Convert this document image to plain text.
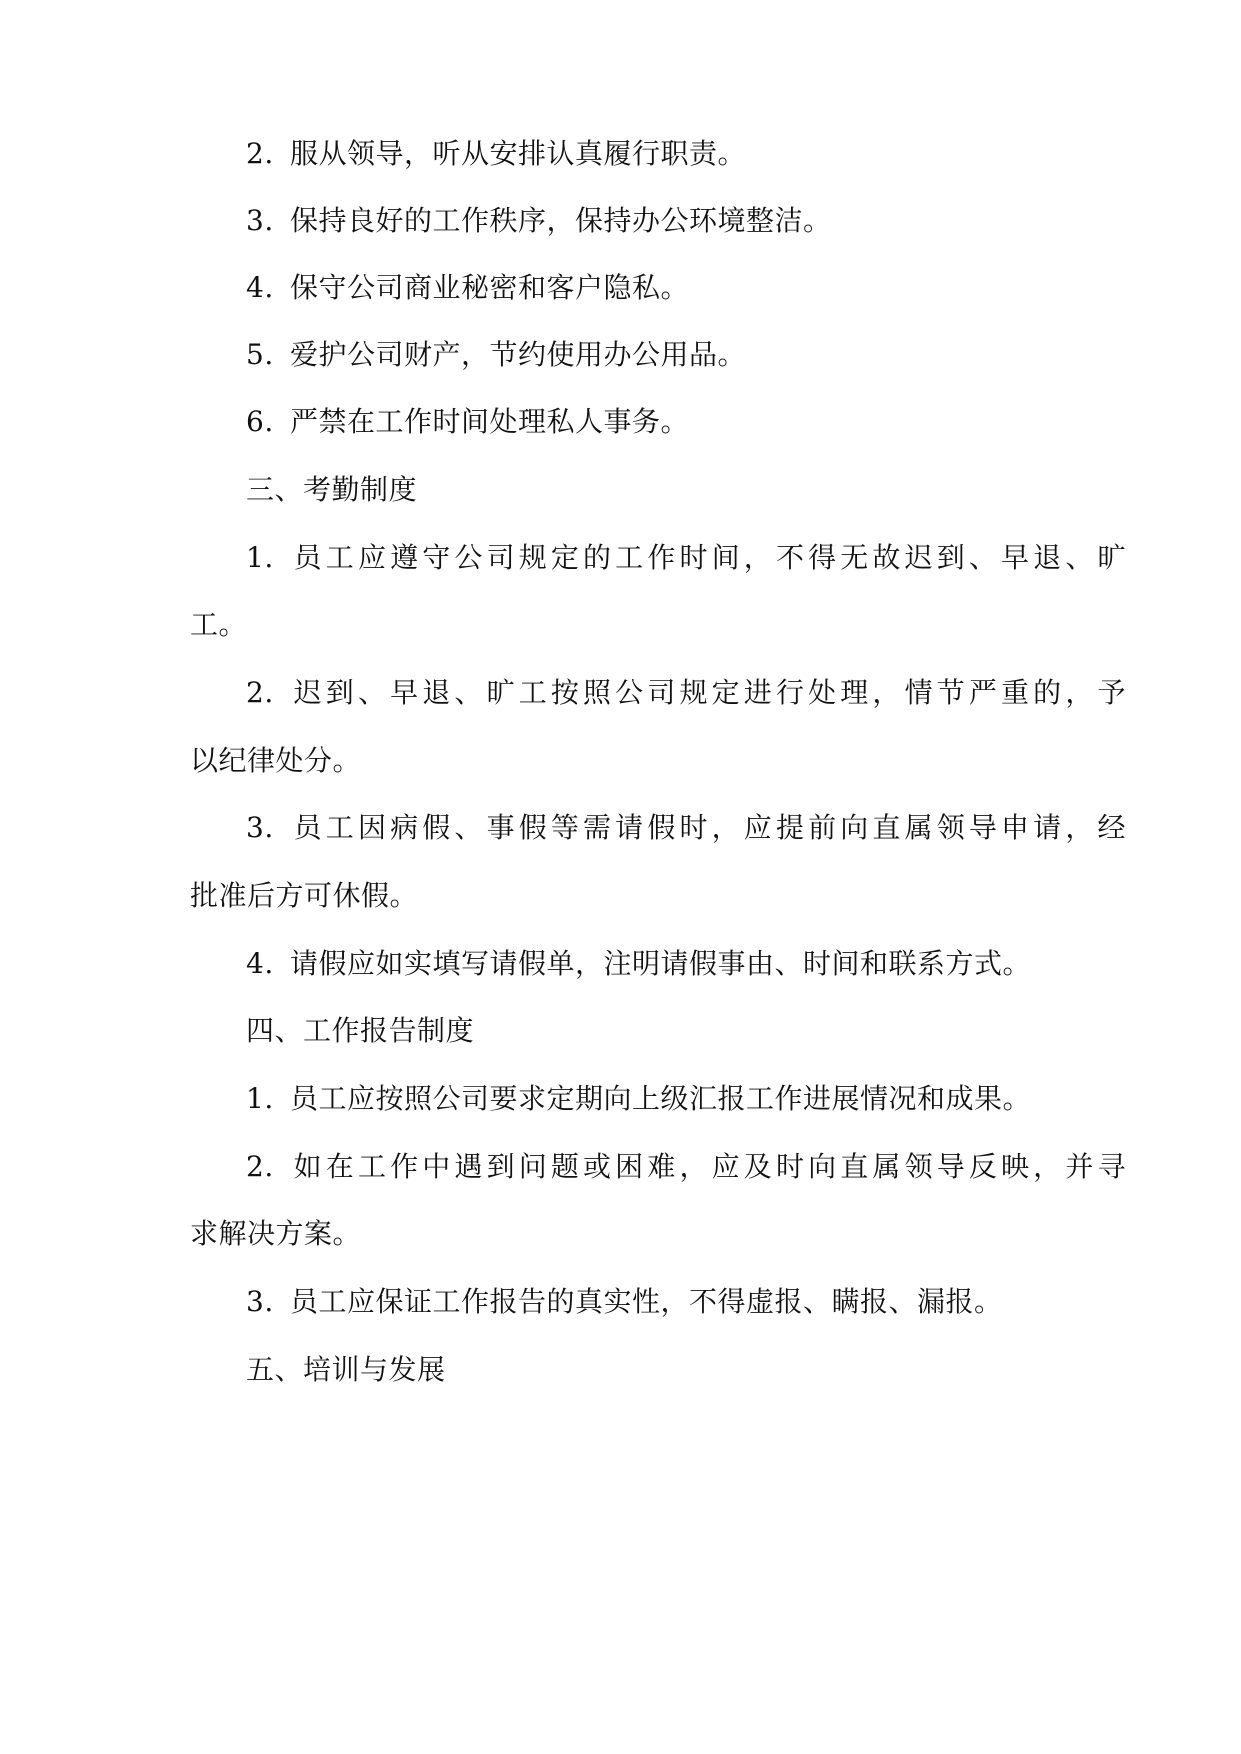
2. 服从领导，听从安排认真履行职责。
3. 保持良好的工作秩序，保持办公环境整洁。
4. 保守公司商业秘密和客户隐私。
5. 爱护公司财产，节约使用办公用品。
6. 严禁在工作时间处理私人事务。
三、考勤制度
1. 员工应遵守公司规定的工作时间，不得无故迟到、早退、旷
工。
2. 迟到、早退、旷工按照公司规定进行处理，情节严重的，予
以纪律处分。
3. 员工因病假、事假等需请假时，应提前向直属领导申请，经
批准后方可休假。
4. 请假应如实填写请假单，注明请假事由、时间和联系方式。
四、工作报告制度
1. 员工应按照公司要求定期向上级汇报工作进展情况和成果。
2. 如在工作中遇到问题或困难，应及时向直属领导反映，并寻
求解决方案。
3. 员工应保证工作报告的真实性，不得虚报、瞒报、漏报。
五、培训与发展
